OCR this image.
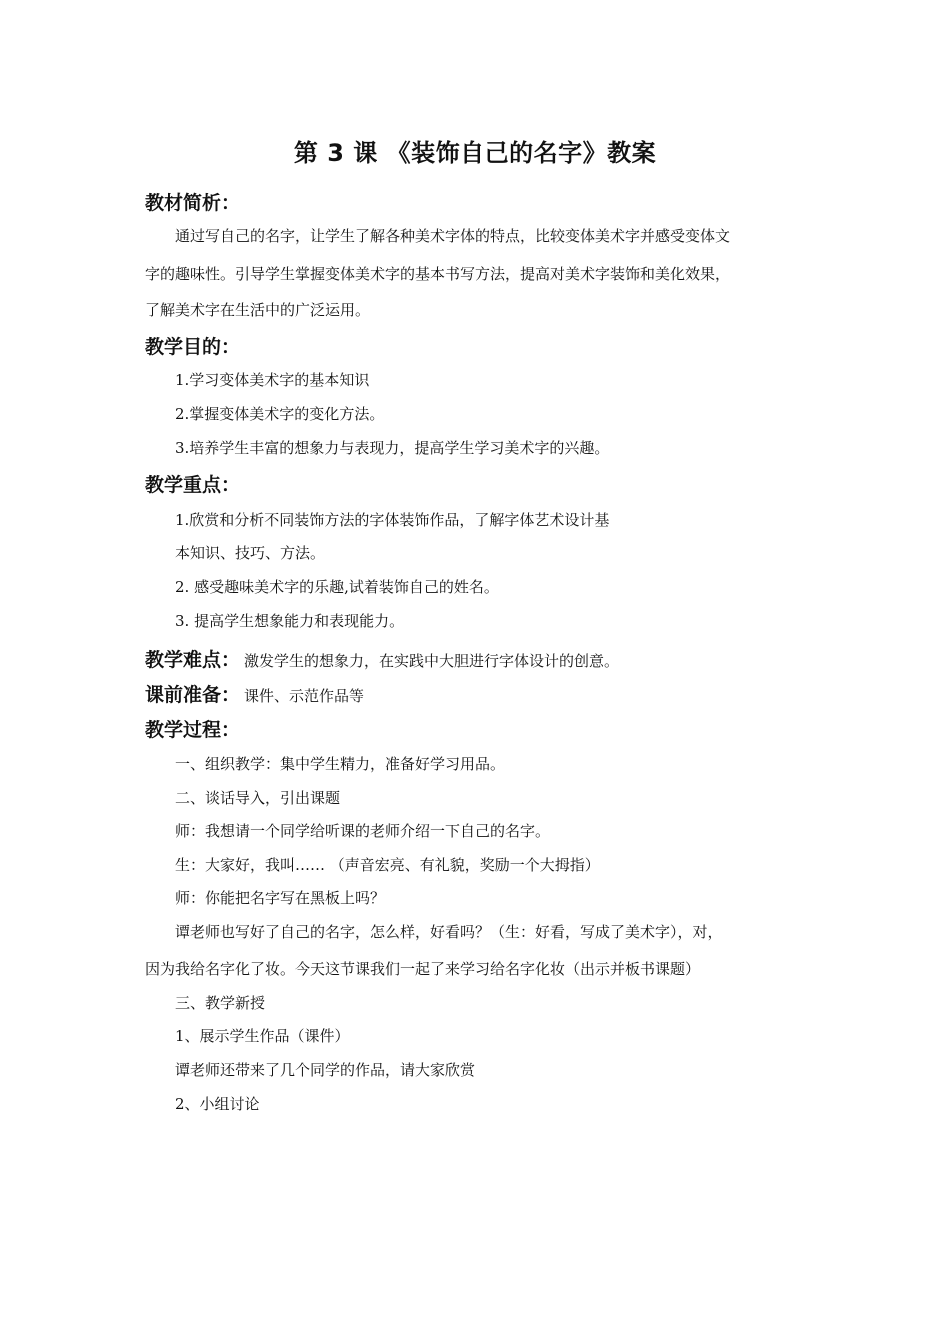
第 3 课 《装饰自己的名字》教案
教材简析：
通过写自己的名字，让学生了解各种美术字体的特点，比较变体美术字并感受变体文
字的趣味性。引导学生掌握变体美术字的基本书写方法，提高对美术字装饰和美化效果，
了解美术字在生活中的广泛运用。
教学目的：
1.学习变体美术字的基本知识
2.掌握变体美术字的变化方法。
3.培养学生丰富的想象力与表现力，提高学生学习美术字的兴趣。
教学重点：
1.欣赏和分析不同装饰方法的字体装饰作品，了解字体艺术设计基
本知识、技巧、方法。
2. 感受趣味美术字的乐趣,试着装饰自己的姓名。
3. 提高学生想象能力和表现能力。
教学难点： 激发学生的想象力，在实践中大胆进行字体设计的创意。
课前准备： 课件、示范作品等
教学过程：
一、组织教学：集中学生精力，准备好学习用品。
二、谈话导入，引出课题
师：我想请一个同学给听课的老师介绍一下自己的名字。
生：大家好，我叫…… （声音宏亮、有礼貌，奖励一个大拇指）
师：你能把名字写在黑板上吗？
谭老师也写好了自己的名字，怎么样，好看吗？（生：好看，写成了美术字），对，
因为我给名字化了妆。今天这节课我们一起了来学习给名字化妆（出示并板书课题）
三、教学新授
1、展示学生作品（课件）
谭老师还带来了几个同学的作品，请大家欣赏
2、小组讨论
